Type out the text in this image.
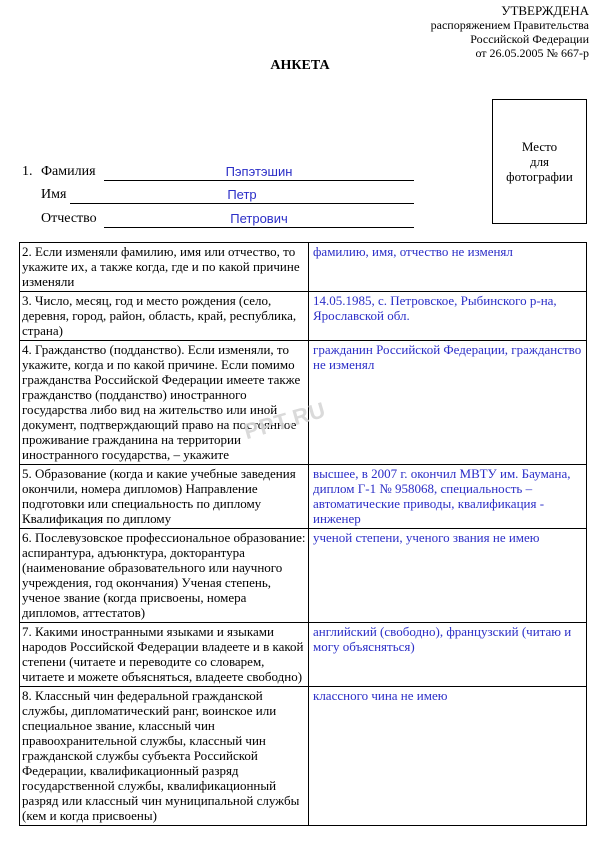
УТВЕРЖДЕНА
распоряжением Правительства
Российской Федерации
от 26.05.2005 № 667-р
АНКЕТА
Место
для
фотографии
1. Фамилия	Пэпэтэшин
Имя	Петр
Отчество	Петрович
2. Если изменяли фамилию, имя или отчество, то укажите их, а также когда, где и по какой причине изменяли	фамилию, имя, отчество не изменял
3. Число, месяц, год и место рождения (село, деревня, город, район, область, край, республика, страна)	14.05.1985, с. Петровское, Рыбинского р-на, Ярославской обл.
4. Гражданство (подданство). Если изменяли, то укажите, когда и по какой причине. Если помимо гражданства Российской Федерации имеете также гражданство (подданство) иностранного государства либо вид на жительство или иной документ, подтверждающий право на постоянное проживание гражданина на территории иностранного государства, – укажите	гражданин Российской Федерации, гражданство не изменял
5. Образование (когда и какие учебные заведения окончили, номера дипломов) Направление подготовки или специальность по диплому Квалификация по диплому	высшее, в 2007 г. окончил МВТУ им. Баумана, диплом Г-1 № 958068, специальность – автоматические приводы, квалификация - инженер
6. Послевузовское профессиональное образование: аспирантура, адъюнктура, докторантура (наименование образовательного или научного учреждения, год окончания) Ученая степень, ученое звание (когда присвоены, номера дипломов, аттестатов)	ученой степени, ученого звания не имею
7. Какими иностранными языками и языками народов Российской Федерации владеете и в какой степени (читаете и переводите со словарем, читаете и можете объясняться, владеете свободно)	английский (свободно), французский (читаю и могу объясняться)
8. Классный чин федеральной гражданской службы, дипломатический ранг, воинское или специальное звание, классный чин правоохранительной службы, классный чин гражданской службы субъекта Российской Федерации, квалификационный разряд государственной службы, квалификационный разряд или классный чин муниципальной службы (кем и когда присвоены)	классного чина не имею
PPT.RU
